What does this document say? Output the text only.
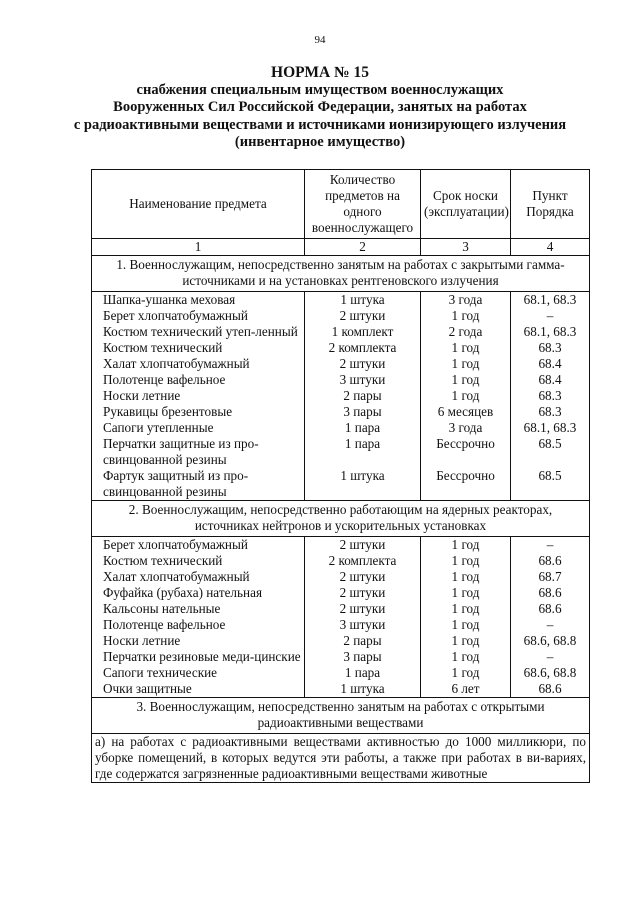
94
НОРМА № 15
снабжения специальным имуществом военнослужащих
Вооруженных Сил Российской Федерации, занятых на работах
с радиоактивными веществами и источниками ионизирующего излучения
(инвентарное имущество)
Наименование предмета	Количество предметов на одного военнослужащего	Срок носки (эксплуатации)	Пункт Порядка
1	2	3	4
1. Военнослужащим, непосредственно занятым на работах с закрытыми гамма-источниками и на установках рентгеновского излучения			
Шапка-ушанка меховая	1 штука	3 года	68.1, 68.3
Берет хлопчатобумажный	2 штуки	1 год	–
Костюм технический утеп-ленный	1 комплект	2 года	68.1, 68.3
Костюм технический	2 комплекта	1 год	68.3
Халат хлопчатобумажный	2 штуки	1 год	68.4
Полотенце вафельное	3 штуки	1 год	68.4
Носки летние	2 пары	1 год	68.3
Рукавицы брезентовые	3 пары	6 месяцев	68.3
Сапоги утепленные	1 пара	3 года	68.1, 68.3
Перчатки защитные из про-свинцованной резины	1 пара	Бессрочно	68.5
Фартук защитный из про-свинцованной резины	1 штука	Бессрочно	68.5
2. Военнослужащим, непосредственно работающим на ядерных реакторах, источниках нейтронов и ускорительных установках			
Берет хлопчатобумажный	2 штуки	1 год	–
Костюм технический	2 комплекта	1 год	68.6
Халат хлопчатобумажный	2 штуки	1 год	68.7
Фуфайка (рубаха) нательная	2 штуки	1 год	68.6
Кальсоны нательные	2 штуки	1 год	68.6
Полотенце вафельное	3 штуки	1 год	–
Носки летние	2 пары	1 год	68.6, 68.8
Перчатки резиновые меди-цинские	3 пары	1 год	–
Сапоги технические	1 пара	1 год	68.6, 68.8
Очки защитные	1 штука	6 лет	68.6
3. Военнослужащим, непосредственно занятым на работах с открытыми радиоактивными веществами			
а) на работах с радиоактивными веществами активностью до 1000 милликюри, по уборке помещений, в которых ведутся эти работы, а также при работах в ви-вариях, где содержатся загрязненные радиоактивными веществами животные			
